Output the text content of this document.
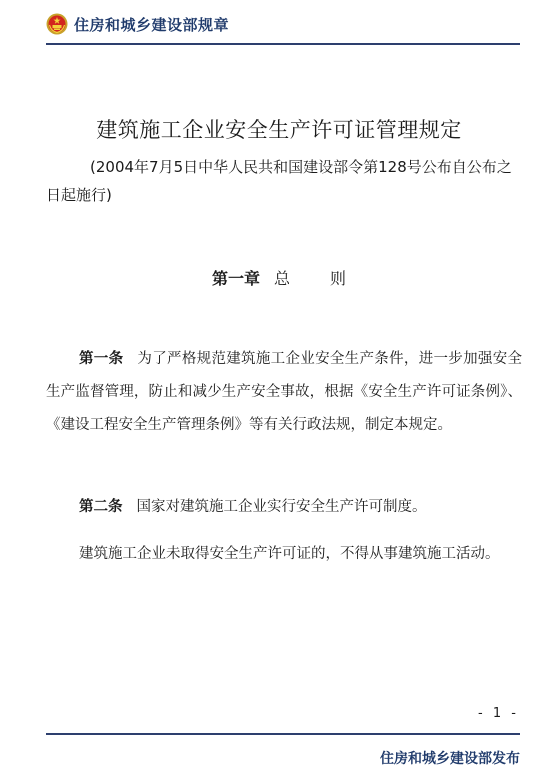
住房和城乡建设部规章
建筑施工企业安全生产许可证管理规定
(2004年7月5日中华人民共和国建设部令第128号公布自公布之日起施行)
第一章 总	则
第一条 为了严格规范建筑施工企业安全生产条件，进一步加强安全生产监督管理，防止和减少生产安全事故，根据《安全生产许可证条例》、《建设工程安全生产管理条例》等有关行政法规，制定本规定。
第二条 国家对建筑施工企业实行安全生产许可制度。
建筑施工企业未取得安全生产许可证的，不得从事建筑施工活动。
- 1 -
住房和城乡建设部发布
